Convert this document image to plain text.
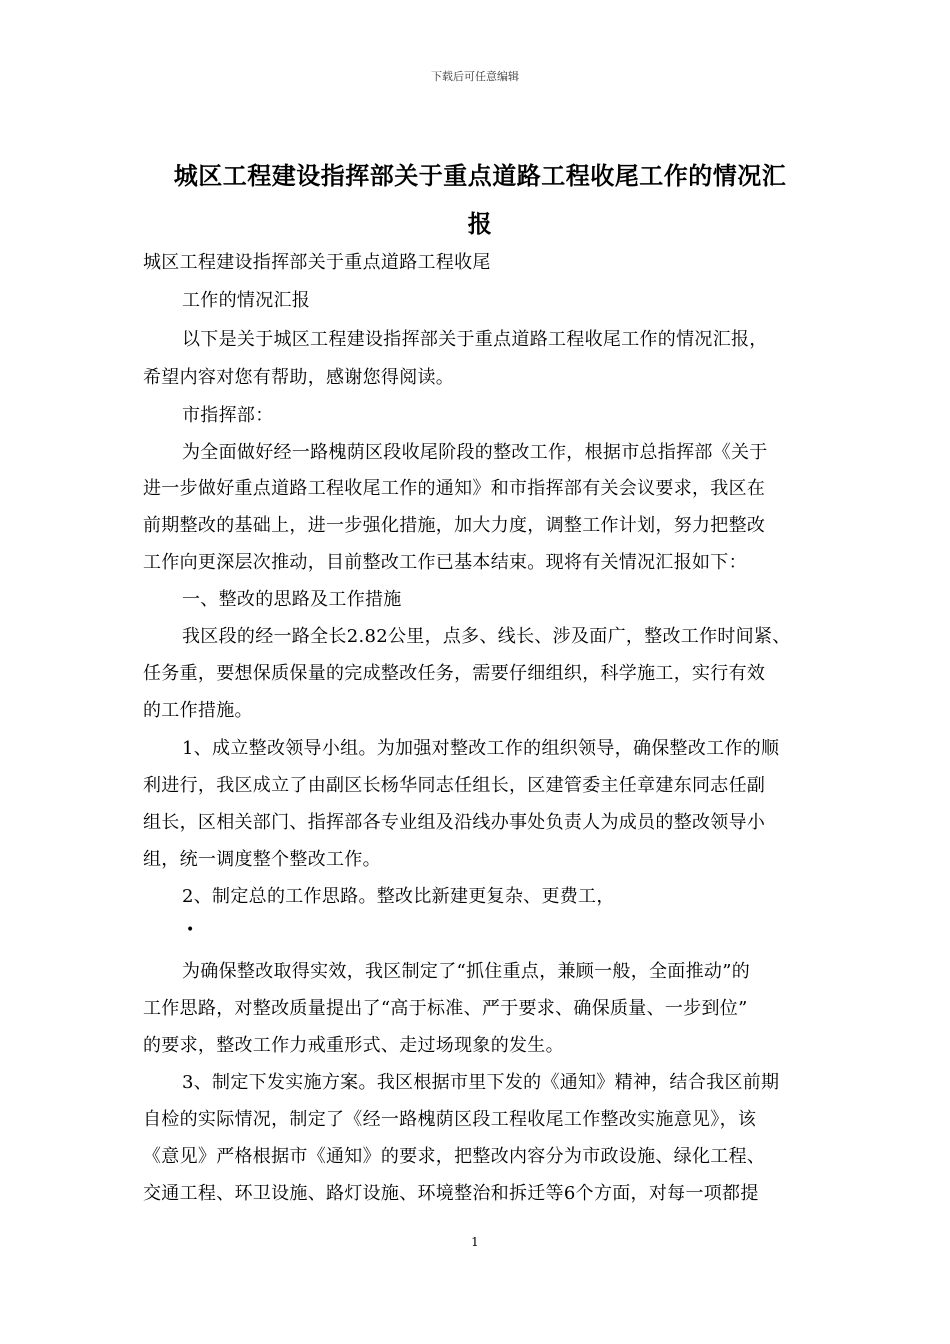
下载后可任意编辑
城区工程建设指挥部关于重点道路工程收尾工作的情况汇
报
城区工程建设指挥部关于重点道路工程收尾
工作的情况汇报
以下是关于城区工程建设指挥部关于重点道路工程收尾工作的情况汇报，
希望内容对您有帮助，感谢您得阅读。
市指挥部：
为全面做好经一路槐荫区段收尾阶段的整改工作，根据市总指挥部《关于
进一步做好重点道路工程收尾工作的通知》和市指挥部有关会议要求，我区在
前期整改的基础上，进一步强化措施，加大力度，调整工作计划，努力把整改
工作向更深层次推动，目前整改工作已基本结束。现将有关情况汇报如下：
一、整改的思路及工作措施
我区段的经一路全长2.82公里，点多、线长、涉及面广，整改工作时间紧、
任务重，要想保质保量的完成整改任务，需要仔细组织，科学施工，实行有效
的工作措施。
1、成立整改领导小组。为加强对整改工作的组织领导，确保整改工作的顺
利进行，我区成立了由副区长杨华同志任组长，区建管委主任章建东同志任副
组长，区相关部门、指挥部各专业组及沿线办事处负责人为成员的整改领导小
组，统一调度整个整改工作。
2、制定总的工作思路。整改比新建更复杂、更费工，
•
为确保整改取得实效，我区制定了“抓住重点，兼顾一般，全面推动”的
工作思路，对整改质量提出了“高于标准、严于要求、确保质量、一步到位”
的要求，整改工作力戒重形式、走过场现象的发生。
3、制定下发实施方案。我区根据市里下发的《通知》精神，结合我区前期
自检的实际情况，制定了《经一路槐荫区段工程收尾工作整改实施意见》，该
《意见》严格根据市《通知》的要求，把整改内容分为市政设施、绿化工程、
交通工程、环卫设施、路灯设施、环境整治和拆迁等6个方面，对每一项都提
1
